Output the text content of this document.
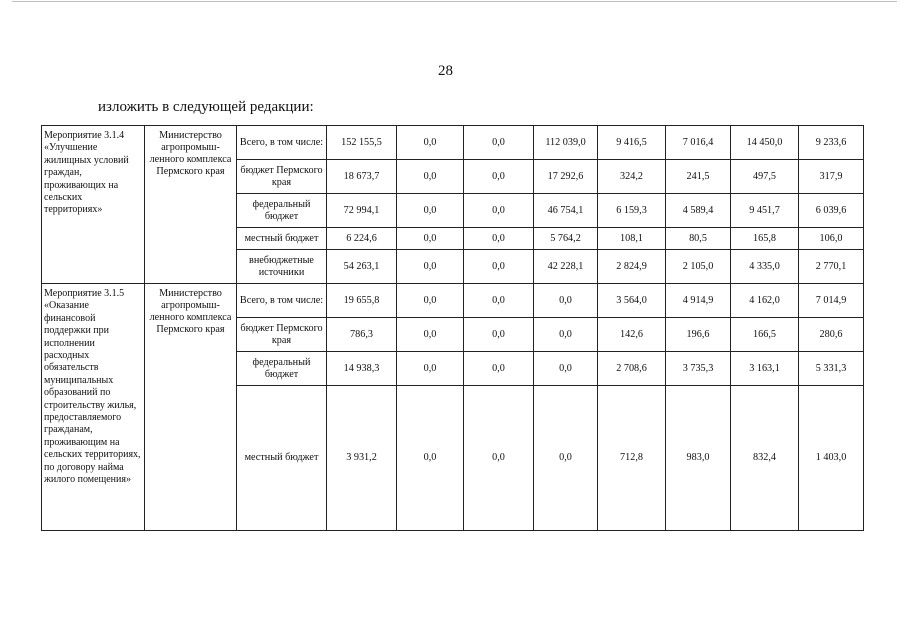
28
изложить в следующей редакции:
Мероприятие 3.1.4 «Улучшение жилищных условий граждан, проживающих на сельских территориях»	Министерство агропромыш-ленного комплекса Пермского края	Всего, в том числе:	152 155,5	0,0	0,0	112 039,0	9 416,5	7 016,4	14 450,0	9 233,6
		бюджет Пермского края	18 673,7	0,0	0,0	17 292,6	324,2	241,5	497,5	317,9
		федеральный бюджет	72 994,1	0,0	0,0	46 754,1	6 159,3	4 589,4	9 451,7	6 039,6
		местный бюджет	6 224,6	0,0	0,0	5 764,2	108,1	80,5	165,8	106,0
		внебюджетные источники	54 263,1	0,0	0,0	42 228,1	2 824,9	2 105,0	4 335,0	2 770,1
Мероприятие 3.1.5 «Оказание финансовой поддержки при исполнении расходных обязательств муниципальных образований по строительству жилья, предоставляемого гражданам, проживающим на сельских территориях, по договору найма жилого помещения»	Министерство агропромыш-ленного комплекса Пермского края	Всего, в том числе:	19 655,8	0,0	0,0	0,0	3 564,0	4 914,9	4 162,0	7 014,9
		бюджет Пермского края	786,3	0,0	0,0	0,0	142,6	196,6	166,5	280,6
		федеральный бюджет	14 938,3	0,0	0,0	0,0	2 708,6	3 735,3	3 163,1	5 331,3
		местный бюджет	3 931,2	0,0	0,0	0,0	712,8	983,0	832,4	1 403,0
